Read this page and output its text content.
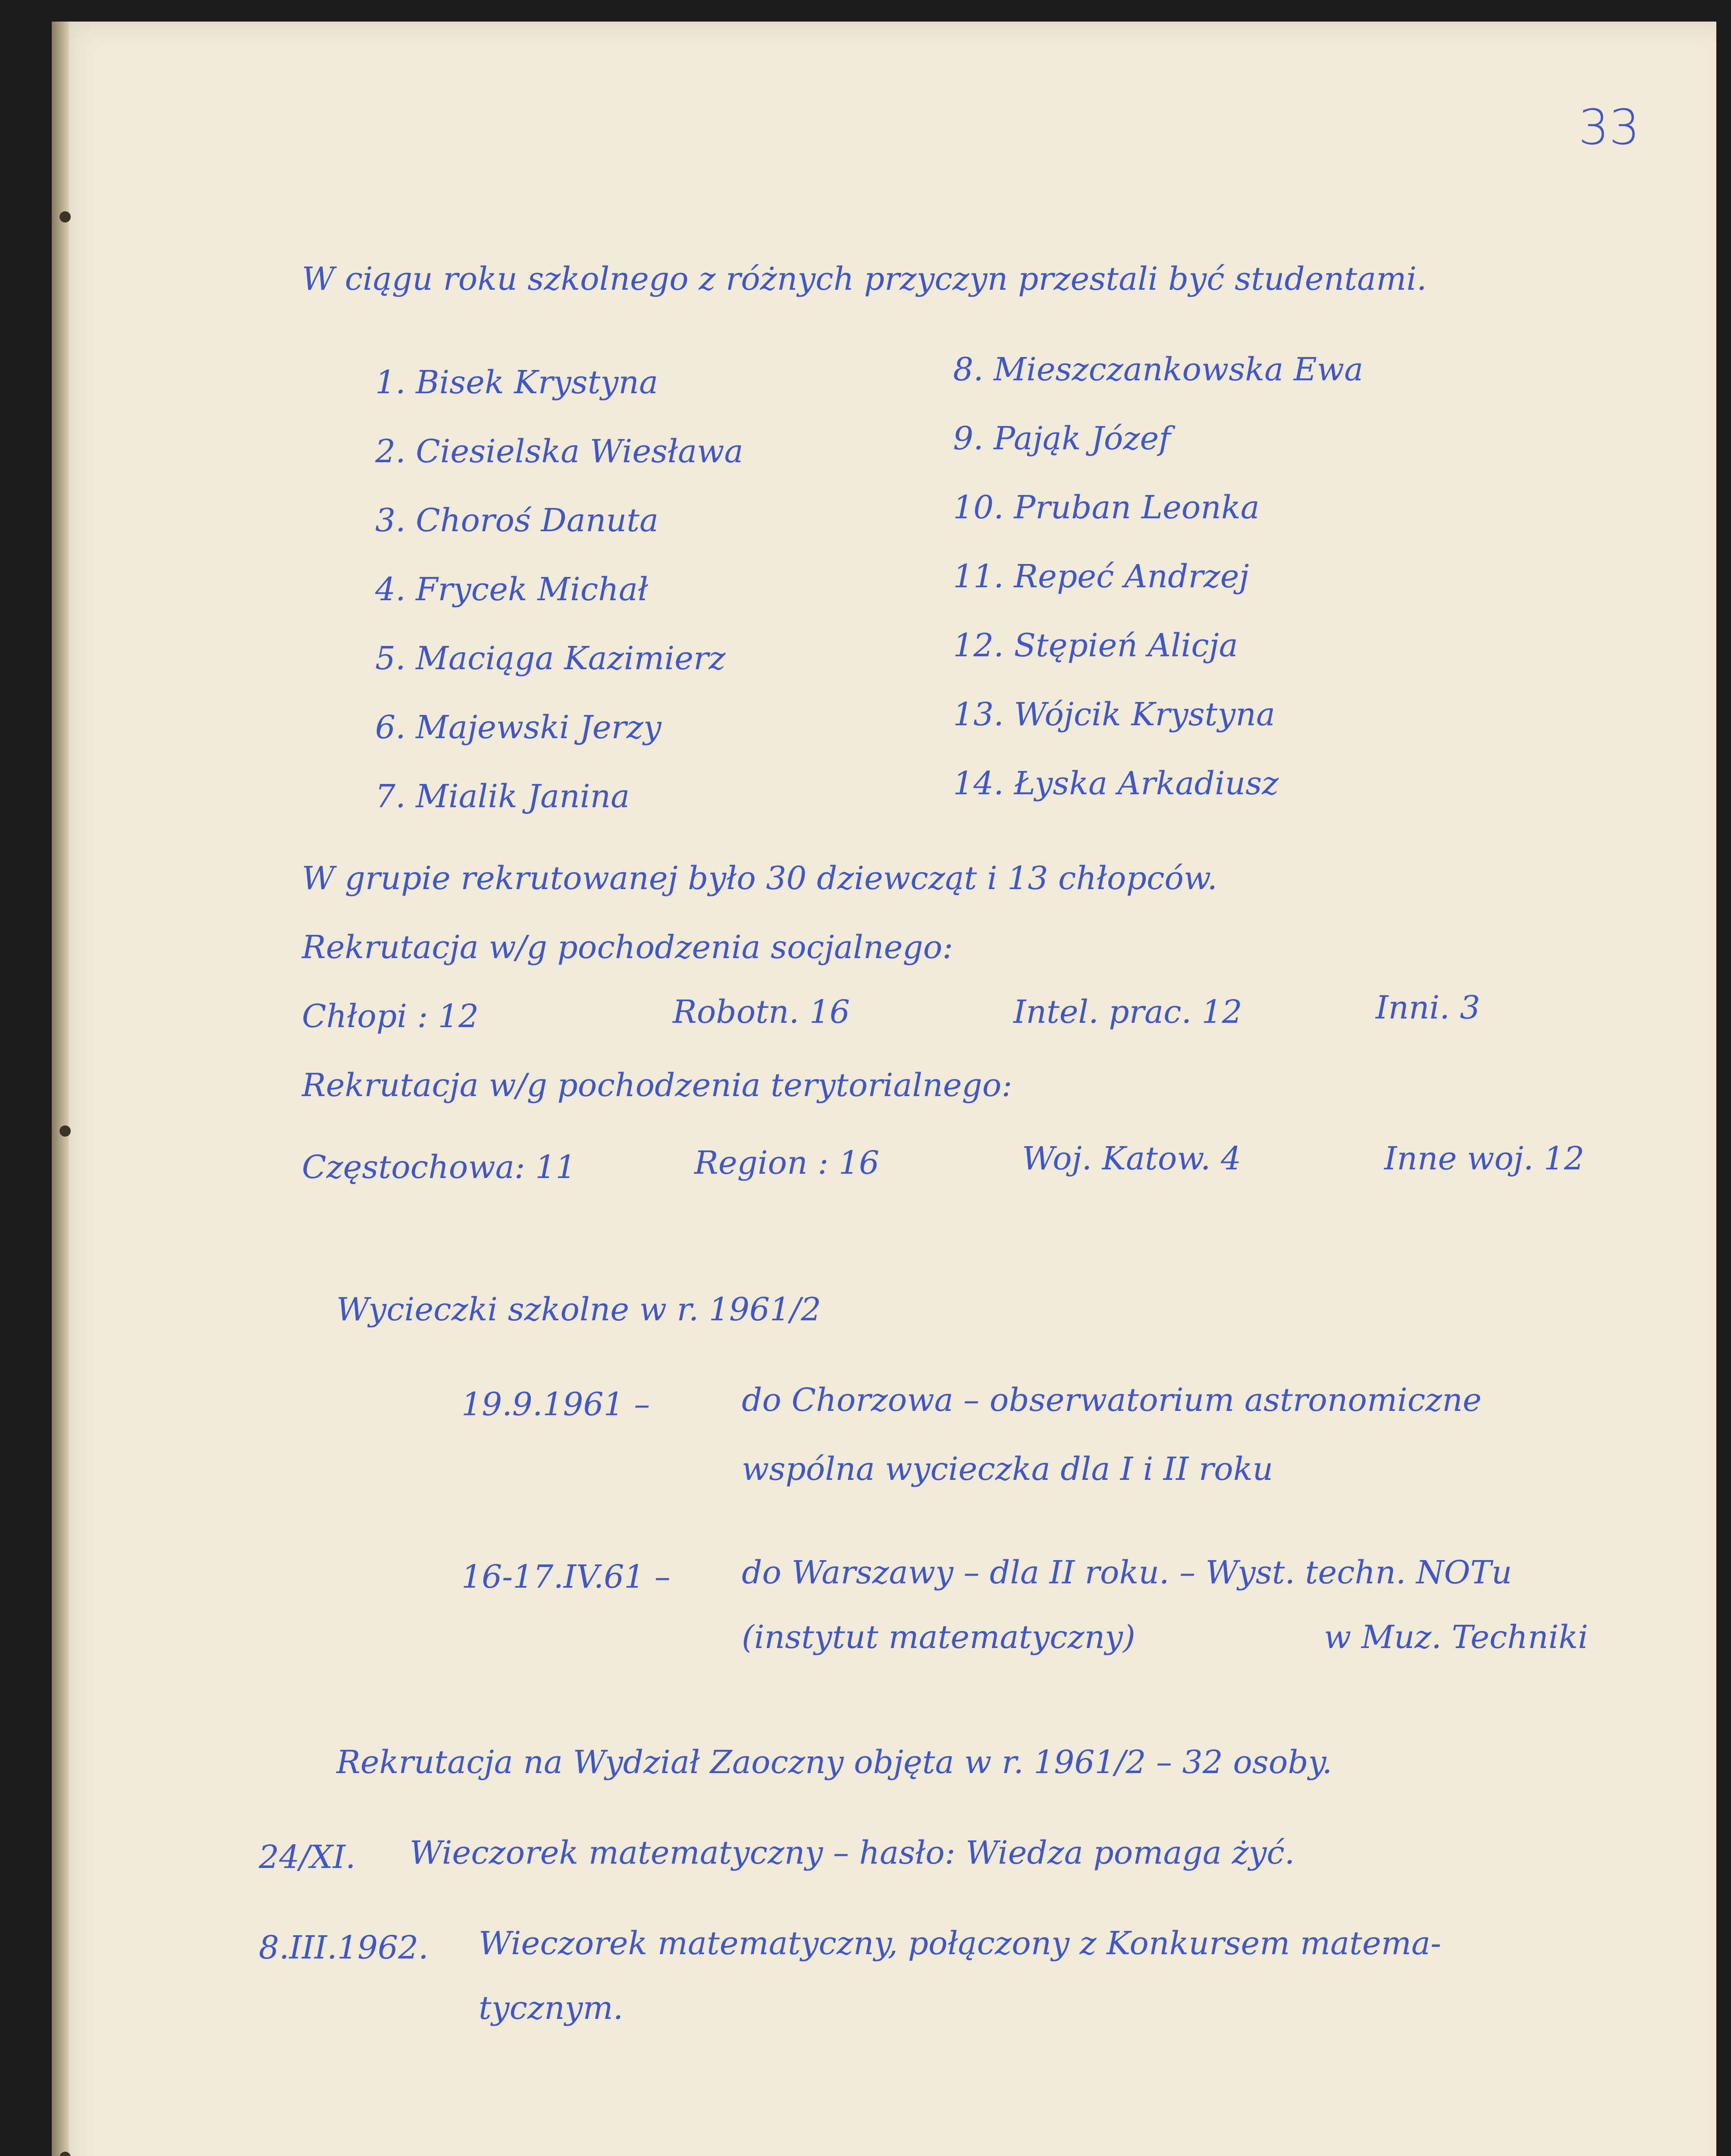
33
W ciągu roku szkolnego z różnych przyczyn przestali być studentami.
1. Bisek Krystyna
2. Ciesielska Wiesława
3. Choroś Danuta
4. Frycek Michał
5. Maciąga Kazimierz
6. Majewski Jerzy
7. Mialik Janina
8. Mieszczankowska Ewa
9. Pająk Józef
10. Pruban Leonka
11. Repeć Andrzej
12. Stępień Alicja
13. Wójcik Krystyna
14. Łyska Arkadiusz
W grupie rekrutowanej było 30 dziewcząt i 13 chłopców.
Rekrutacja w/g pochodzenia socjalnego:
Chłopi : 12	Robotn. 16	Intel. prac. 12	Inni. 3
Rekrutacja w/g pochodzenia terytorialnego:
Częstochowa: 11	Region : 16	Woj. Katow. 4	Inne woj. 12
Wycieczki szkolne w r. 1961/2
19.9.1961 –	do Chorzowa – obserwatorium astronomiczne
wspólna wycieczka dla I i II roku
16-17.IV.61 – do Warszawy – dla II roku. – Wyst. techn. NOTu
(instytut matematyczny)	w Muz. Techniki
Rekrutacja na Wydział Zaoczny objęta w r. 1961/2 – 32 osoby.
24/XI. Wieczorek matematyczny – hasło: Wiedza pomaga żyć.
8.III.1962. Wieczorek matematyczny, połączony z Konkursem matema-
tycznym.
